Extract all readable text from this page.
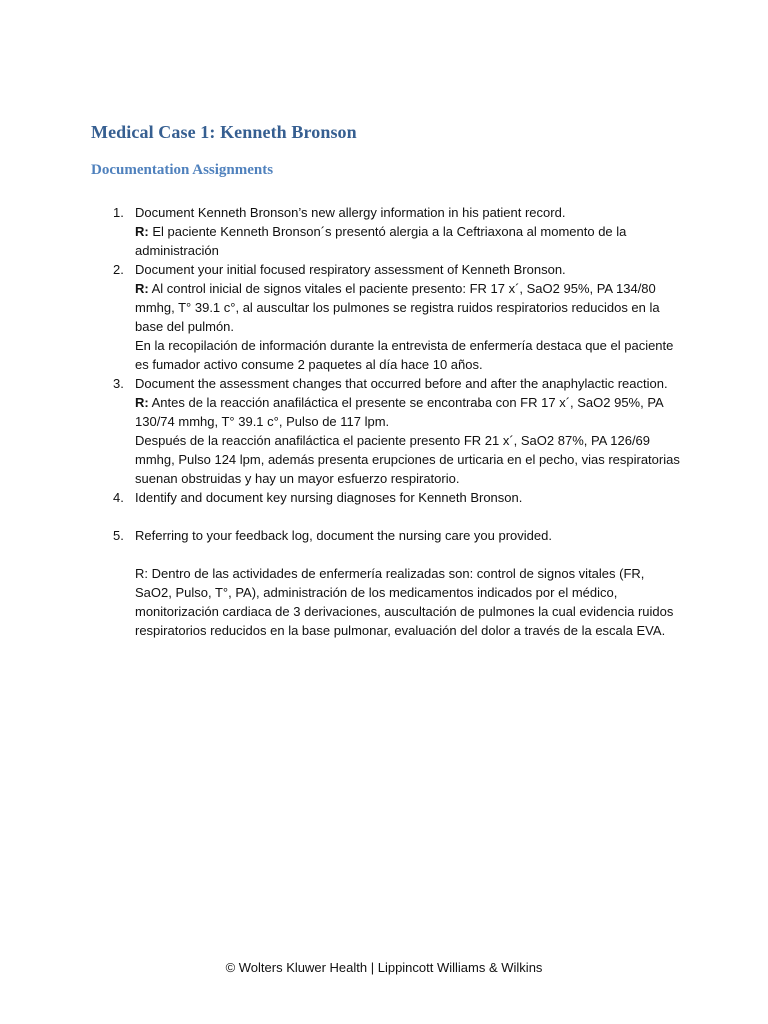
Medical Case 1: Kenneth Bronson
Documentation Assignments
1. Document Kenneth Bronson’s new allergy information in his patient record.
R: El paciente Kenneth Bronson´s presentó alergia a la Ceftriaxona al momento de la administración
2. Document your initial focused respiratory assessment of Kenneth Bronson.
R: Al control inicial de signos vitales el paciente presento: FR 17 x´, SaO2 95%, PA 134/80 mmhg, T° 39.1 c°, al auscultar los pulmones se registra ruidos respiratorios reducidos en la base del pulmón.
En la recopilación de información durante la entrevista de enfermería destaca que el paciente es fumador activo consume 2 paquetes al día hace 10 años.
3. Document the assessment changes that occurred before and after the anaphylactic reaction.
R: Antes de la reacción anafiláctica el presente se encontraba con FR 17 x´, SaO2 95%, PA 130/74 mmhg, T° 39.1 c°, Pulso de 117 lpm.
Después de la reacción anafiláctica el paciente presento FR 21 x´, SaO2 87%, PA 126/69 mmhg, Pulso 124 lpm, además presenta erupciones de urticaria en el pecho, vias respiratorias suenan obstruidas y hay un mayor esfuerzo respiratorio.
4. Identify and document key nursing diagnoses for Kenneth Bronson.
5. Referring to your feedback log, document the nursing care you provided.
R: Dentro de las actividades de enfermería realizadas son: control de signos vitales (FR, SaO2, Pulso, T°, PA), administración de los medicamentos indicados por el médico, monitorización cardiaca de 3 derivaciones, auscultación de pulmones la cual evidencia ruidos respiratorios reducidos en la base pulmonar, evaluación del dolor a través de la escala EVA.
© Wolters Kluwer Health | Lippincott Williams & Wilkins
